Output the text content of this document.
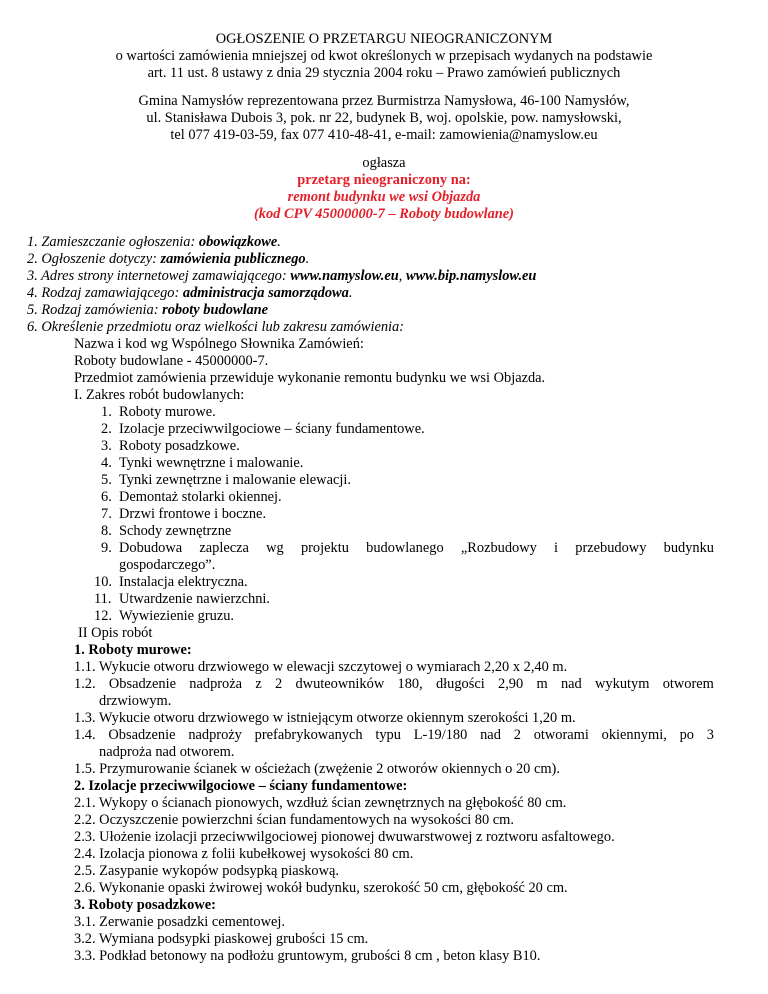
OGŁOSZENIE O PRZETARGU NIEOGRANICZONYM
o wartości zamówienia mniejszej od kwot określonych w przepisach wydanych na podstawie
art. 11 ust. 8 ustawy z dnia 29 stycznia 2004 roku – Prawo zamówień publicznych
Gmina Namysłów reprezentowana przez Burmistrza Namysłowa, 46-100 Namysłów,
ul. Stanisława Dubois 3, pok. nr 22, budynek B, woj. opolskie, pow. namysłowski,
tel 077 419-03-59, fax 077 410-48-41, e-mail: zamowienia@namyslow.eu
ogłasza
przetarg nieograniczony na:
remont budynku we wsi Objazda
(kod CPV 45000000-7 – Roboty budowlane)
1. Zamieszczanie ogłoszenia: obowiązkowe.
2. Ogłoszenie dotyczy: zamówienia publicznego.
3. Adres strony internetowej zamawiającego: www.namyslow.eu, www.bip.namyslow.eu
4. Rodzaj zamawiającego: administracja samorządowa.
5. Rodzaj zamówienia: roboty budowlane
6. Określenie przedmiotu oraz wielkości lub zakresu zamówienia:
Nazwa i kod wg Wspólnego Słownika Zamówień:
Roboty budowlane - 45000000-7.
Przedmiot zamówienia przewiduje wykonanie remontu budynku we wsi Objazda.
I. Zakres robót budowlanych:
1. Roboty murowe.
2. Izolacje przeciwwilgociowe – ściany fundamentowe.
3. Roboty posadzkowe.
4. Tynki wewnętrzne i malowanie.
5. Tynki zewnętrzne i malowanie elewacji.
6. Demontaż stolarki okiennej.
7. Drzwi frontowe i boczne.
8. Schody zewnętrzne
9. Dobudowa zaplecza wg projektu budowlanego „Rozbudowy i przebudowy budynku
gospodarczego”.
10. Instalacja elektryczna.
11. Utwardzenie nawierzchni.
12. Wywiezienie gruzu.
II Opis robót
1. Roboty murowe:
1.1. Wykucie otworu drzwiowego w elewacji szczytowej o wymiarach 2,20 x 2,40 m.
1.2. Obsadzenie nadproża z 2 dwuteowników 180, długości 2,90 m nad wykutym otworem
drzwiowym.
1.3. Wykucie otworu drzwiowego w istniejącym otworze okiennym szerokości 1,20 m.
1.4. Obsadzenie nadproży prefabrykowanych typu L-19/180 nad 2 otworami okiennymi, po 3
nadproża nad otworem.
1.5. Przymurowanie ścianek w ościeżach (zwężenie 2 otworów okiennych o 20 cm).
2. Izolacje przeciwwilgociowe – ściany fundamentowe:
2.1. Wykopy o ścianach pionowych, wzdłuż ścian zewnętrznych na głębokość 80 cm.
2.2. Oczyszczenie powierzchni ścian fundamentowych na wysokości 80 cm.
2.3. Ułożenie izolacji przeciwwilgociowej pionowej dwuwarstwowej z roztworu asfaltowego.
2.4. Izolacja pionowa z folii kubełkowej wysokości 80 cm.
2.5. Zasypanie wykopów podsypką piaskową.
2.6. Wykonanie opaski żwirowej wokół budynku, szerokość 50 cm, głębokość 20 cm.
3. Roboty posadzkowe:
3.1. Zerwanie posadzki cementowej.
3.2. Wymiana podsypki piaskowej grubości 15 cm.
3.3. Podkład betonowy na podłożu gruntowym, grubości 8 cm , beton klasy B10.
